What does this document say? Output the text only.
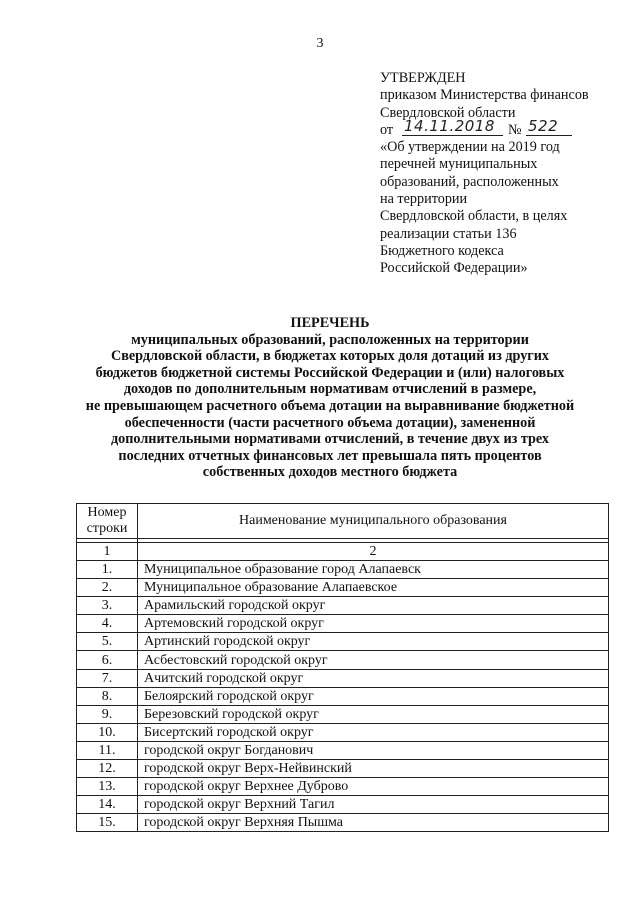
3
УТВЕРЖДЕН
приказом Министерства финансов
Свердловской области
от 14.11.2018 № 522
«Об утверждении на 2019 год
перечней муниципальных
образований, расположенных
на территории
Свердловской области, в целях
реализации статьи 136
Бюджетного кодекса
Российской Федерации»
ПЕРЕЧЕНЬ
муниципальных образований, расположенных на территории
Свердловской области, в бюджетах которых доля дотаций из других
бюджетов бюджетной системы Российской Федерации и (или) налоговых
доходов по дополнительным нормативам отчислений в размере,
не превышающем расчетного объема дотации на выравнивание бюджетной
обеспеченности (части расчетного объема дотации), замененной
дополнительными нормативами отчислений, в течение двух из трех
последних отчетных финансовых лет превышала пять процентов
собственных доходов местного бюджета
Номер
строки	Наименование муниципального образования

1	2
1.	Муниципальное образование город Алапаевск
2.	Муниципальное образование Алапаевское
3.	Арамильский городской округ
4.	Артемовский городской округ
5.	Артинский городской округ
6.	Асбестовский городской округ
7.	Ачитский городской округ
8.	Белоярский городской округ
9.	Березовский городской округ
10.	Бисертский городской округ
11.	городской округ Богданович
12.	городской округ Верх-Нейвинский
13.	городской округ Верхнее Дуброво
14.	городской округ Верхний Тагил
15.	городской округ Верхняя Пышма
